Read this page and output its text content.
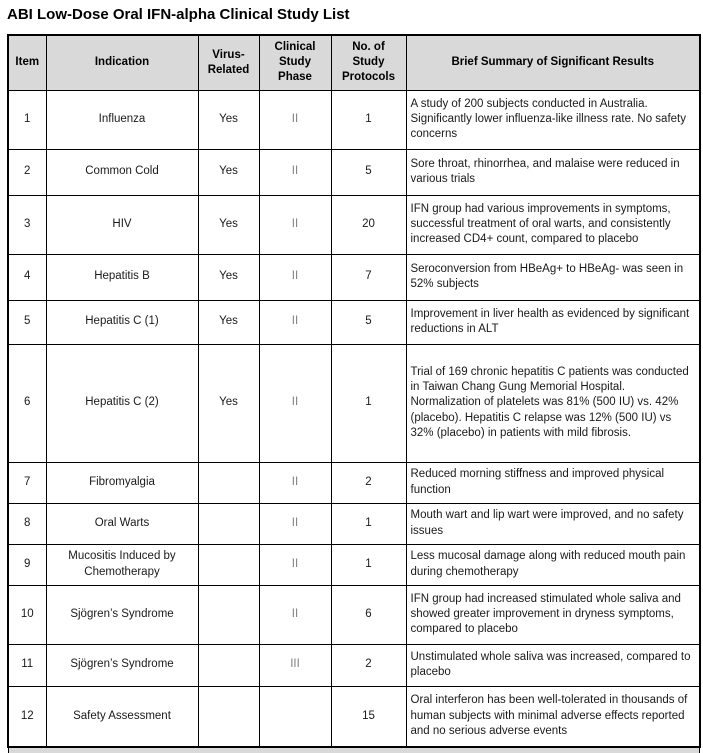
ABI Low-Dose Oral IFN-alpha Clinical Study List
Item	Indication	Virus-Related	Clinical Study Phase	No. of Study Protocols	Brief Summary of Significant Results
1	Influenza	Yes	II	1	A study of 200 subjects conducted in Australia. Significantly lower influenza-like illness rate. No safety concerns
2	Common Cold	Yes	II	5	Sore throat, rhinorrhea, and malaise were reduced in various trials
3	HIV	Yes	II	20	IFN group had various improvements in symptoms, successful treatment of oral warts, and consistently increased CD4+ count, compared to placebo
4	Hepatitis B	Yes	II	7	Seroconversion from HBeAg+ to HBeAg- was seen in 52% subjects
5	Hepatitis C (1)	Yes	II	5	Improvement in liver health as evidenced by significant reductions in ALT
6	Hepatitis C (2)	Yes	II	1	Trial of 169 chronic hepatitis C patients was conducted in Taiwan Chang Gung Memorial Hospital. Normalization of platelets was 81% (500 IU) vs. 42% (placebo). Hepatitis C relapse was 12% (500 IU) vs 32% (placebo) in patients with mild fibrosis.
7	Fibromyalgia		II	2	Reduced morning stiffness and improved physical function
8	Oral Warts		II	1	Mouth wart and lip wart were improved, and no safety issues
9	Mucositis Induced by Chemotherapy		II	1	Less mucosal damage along with reduced mouth pain during chemotherapy
10	Sjögren’s Syndrome		II	6	IFN group had increased stimulated whole saliva and showed greater improvement in dryness symptoms, compared to placebo
11	Sjögren’s Syndrome		III	2	Unstimulated whole saliva was increased, compared to placebo
12	Safety Assessment			15	Oral interferon has been well-tolerated in thousands of human subjects with minimal adverse effects reported and no serious adverse events
